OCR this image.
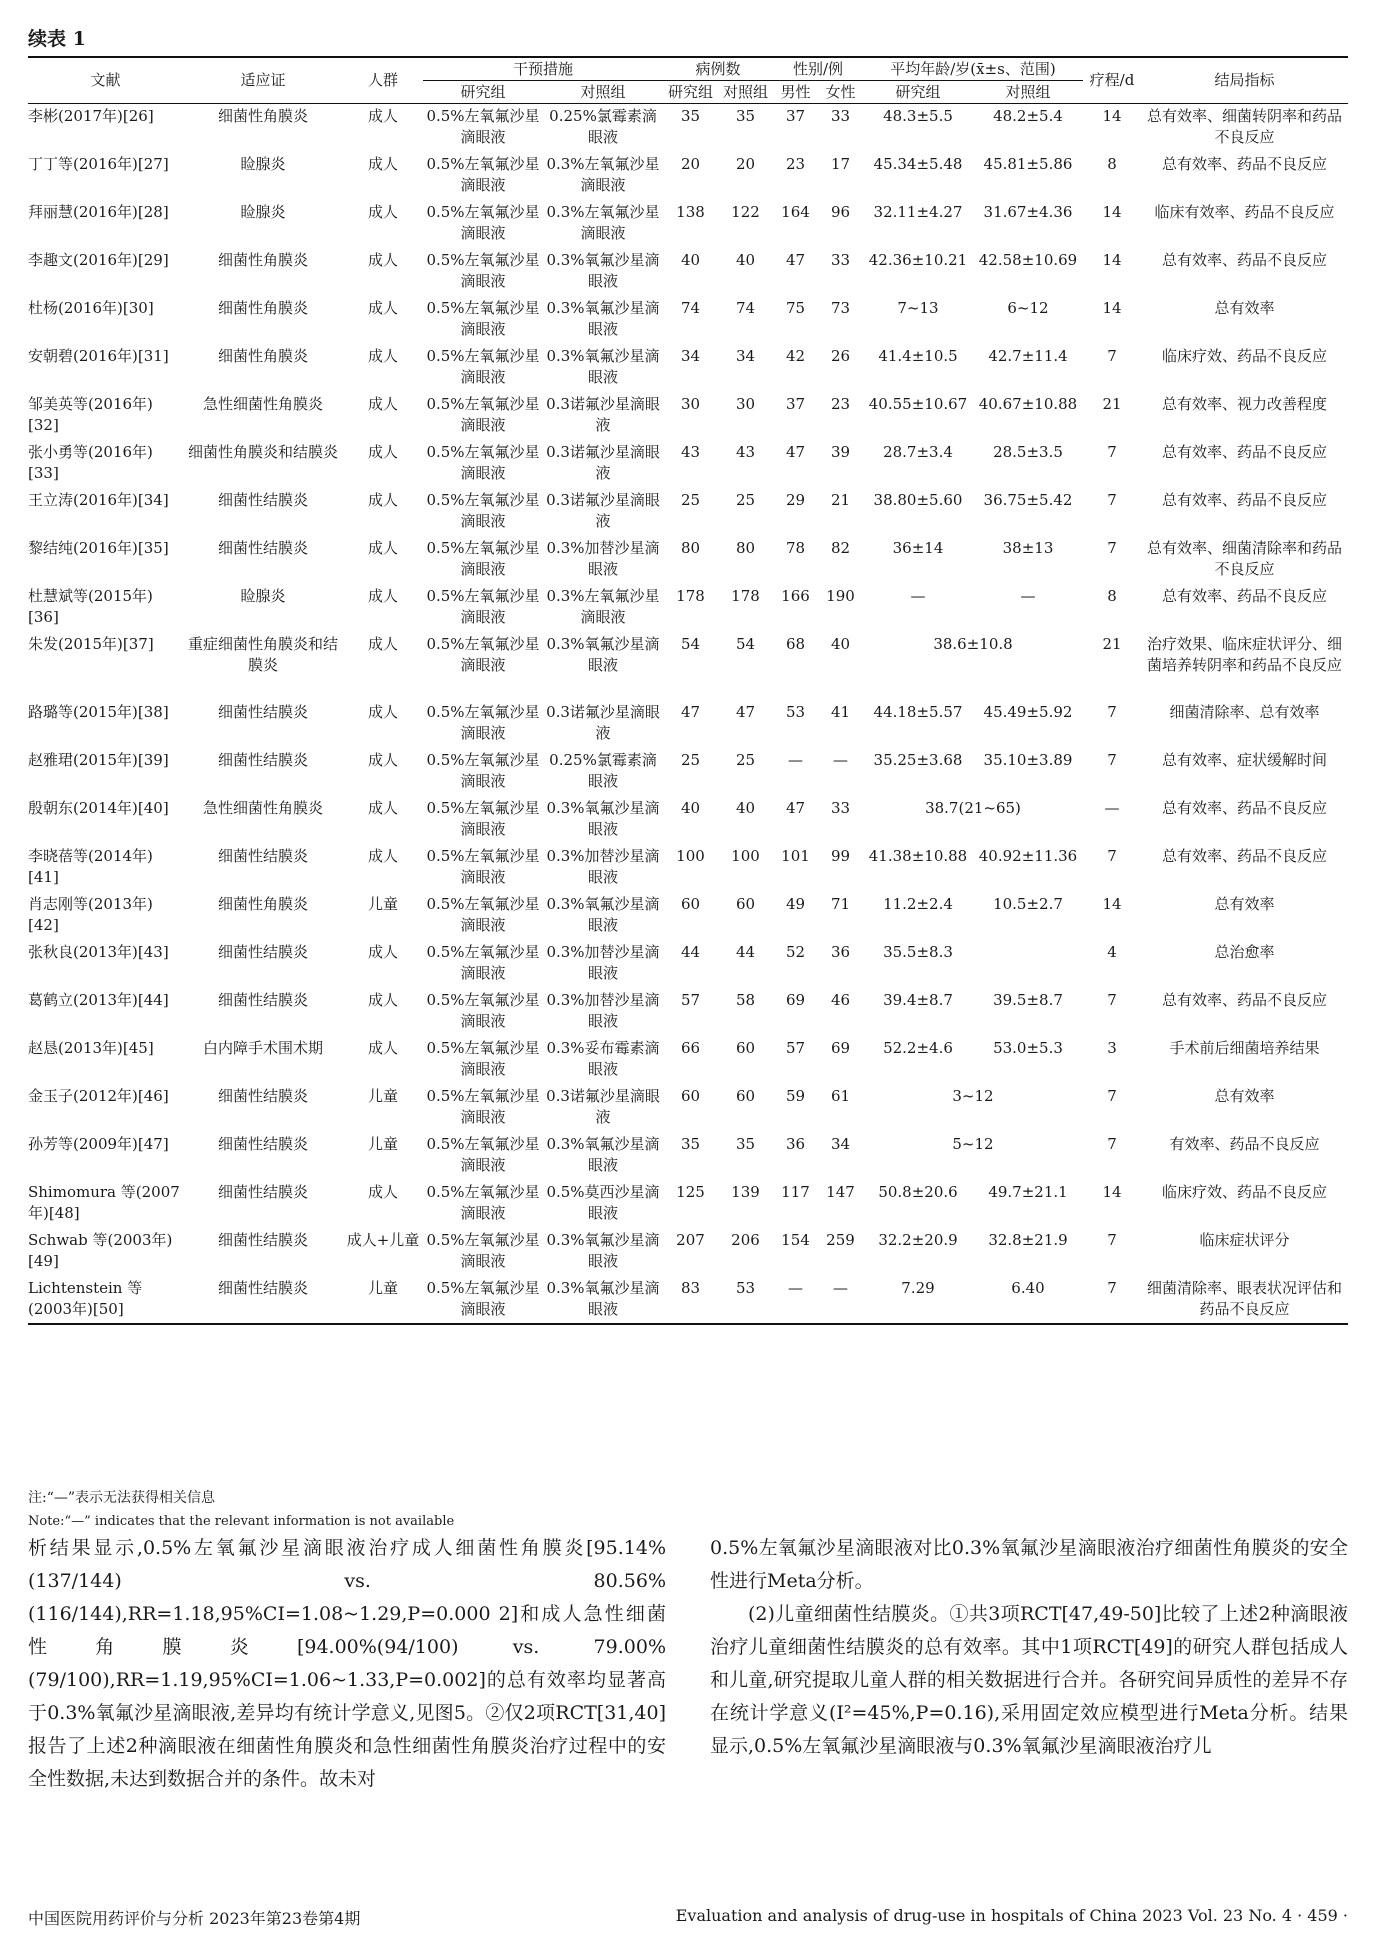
续表 1
文献	适应证	人群	干预措施		病例数		性别/例		平均年龄/岁(x̄±s、范围)		疗程/d	结局指标
			研究组	对照组	研究组	对照组	男性	女性	研究组	对照组		
李彬(2017年)[26]	细菌性角膜炎	成人	0.5%左氧氟沙星滴眼液	0.25%氯霉素滴眼液	35	35	37	33	48.3±5.5	48.2±5.4	14	总有效率、细菌转阴率和药品不良反应
丁丁等(2016年)[27]	睑腺炎	成人	0.5%左氧氟沙星滴眼液	0.3%左氧氟沙星滴眼液	20	20	23	17	45.34±5.48	45.81±5.86	8	总有效率、药品不良反应
拜丽慧(2016年)[28]	睑腺炎	成人	0.5%左氧氟沙星滴眼液	0.3%左氧氟沙星滴眼液	138	122	164	96	32.11±4.27	31.67±4.36	14	临床有效率、药品不良反应
李趣文(2016年)[29]	细菌性角膜炎	成人	0.5%左氧氟沙星滴眼液	0.3%氧氟沙星滴眼液	40	40	47	33	42.36±10.21	42.58±10.69	14	总有效率、药品不良反应
杜杨(2016年)[30]	细菌性角膜炎	成人	0.5%左氧氟沙星滴眼液	0.3%氧氟沙星滴眼液	74	74	75	73	7~13	6~12	14	总有效率
安朝碧(2016年)[31]	细菌性角膜炎	成人	0.5%左氧氟沙星滴眼液	0.3%氧氟沙星滴眼液	34	34	42	26	41.4±10.5	42.7±11.4	7	临床疗效、药品不良反应
邹美英等(2016年)[32]	急性细菌性角膜炎	成人	0.5%左氧氟沙星滴眼液	0.3诺氟沙星滴眼液	30	30	37	23	40.55±10.67	40.67±10.88	21	总有效率、视力改善程度
张小勇等(2016年)[33]	细菌性角膜炎和结膜炎	成人	0.5%左氧氟沙星滴眼液	0.3诺氟沙星滴眼液	43	43	47	39	28.7±3.4	28.5±3.5	7	总有效率、药品不良反应
王立涛(2016年)[34]	细菌性结膜炎	成人	0.5%左氧氟沙星滴眼液	0.3诺氟沙星滴眼液	25	25	29	21	38.80±5.60	36.75±5.42	7	总有效率、药品不良反应
黎结纯(2016年)[35]	细菌性结膜炎	成人	0.5%左氧氟沙星滴眼液	0.3%加替沙星滴眼液	80	80	78	82	36±14	38±13	7	总有效率、细菌清除率和药品不良反应
杜慧斌等(2015年)[36]	睑腺炎	成人	0.5%左氧氟沙星滴眼液	0.3%左氧氟沙星滴眼液	178	178	166	190	—	—	8	总有效率、药品不良反应
朱发(2015年)[37]	重症细菌性角膜炎和结膜炎	成人	0.5%左氧氟沙星滴眼液	0.3%氧氟沙星滴眼液	54	54	68	40	38.6±10.8		21	治疗效果、临床症状评分、细菌培养转阴率和药品不良反应
路璐等(2015年)[38]	细菌性结膜炎	成人	0.5%左氧氟沙星滴眼液	0.3诺氟沙星滴眼液	47	47	53	41	44.18±5.57	45.49±5.92	7	细菌清除率、总有效率
赵雅珺(2015年)[39]	细菌性结膜炎	成人	0.5%左氧氟沙星滴眼液	0.25%氯霉素滴眼液	25	25	—	—	35.25±3.68	35.10±3.89	7	总有效率、症状缓解时间
殷朝东(2014年)[40]	急性细菌性角膜炎	成人	0.5%左氧氟沙星滴眼液	0.3%氧氟沙星滴眼液	40	40	47	33	38.7(21~65)		—	总有效率、药品不良反应
李晓蓓等(2014年)[41]	细菌性结膜炎	成人	0.5%左氧氟沙星滴眼液	0.3%加替沙星滴眼液	100	100	101	99	41.38±10.88	40.92±11.36	7	总有效率、药品不良反应
肖志刚等(2013年)[42]	细菌性角膜炎	儿童	0.5%左氧氟沙星滴眼液	0.3%氧氟沙星滴眼液	60	60	49	71	11.2±2.4	10.5±2.7	14	总有效率
张秋良(2013年)[43]	细菌性结膜炎	成人	0.5%左氧氟沙星滴眼液	0.3%加替沙星滴眼液	44	44	52	36	35.5±8.3		4	总治愈率
葛鹤立(2013年)[44]	细菌性结膜炎	成人	0.5%左氧氟沙星滴眼液	0.3%加替沙星滴眼液	57	58	69	46	39.4±8.7	39.5±8.7	7	总有效率、药品不良反应
赵恳(2013年)[45]	白内障手术围术期	成人	0.5%左氧氟沙星滴眼液	0.3%妥布霉素滴眼液	66	60	57	69	52.2±4.6	53.0±5.3	3	手术前后细菌培养结果
金玉子(2012年)[46]	细菌性结膜炎	儿童	0.5%左氧氟沙星滴眼液	0.3诺氟沙星滴眼液	60	60	59	61	3~12		7	总有效率
孙芳等(2009年)[47]	细菌性结膜炎	儿童	0.5%左氧氟沙星滴眼液	0.3%氧氟沙星滴眼液	35	35	36	34	5~12		7	有效率、药品不良反应
Shimomura 等(2007年)[48]	细菌性结膜炎	成人	0.5%左氧氟沙星滴眼液	0.5%莫西沙星滴眼液	125	139	117	147	50.8±20.6	49.7±21.1	14	临床疗效、药品不良反应
Schwab 等(2003年)[49]	细菌性结膜炎	成人+儿童	0.5%左氧氟沙星滴眼液	0.3%氧氟沙星滴眼液	207	206	154	259	32.2±20.9	32.8±21.9	7	临床症状评分
Lichtenstein 等(2003年)[50]	细菌性结膜炎	儿童	0.5%左氧氟沙星滴眼液	0.3%氧氟沙星滴眼液	83	53	—	—	7.29	6.40	7	细菌清除率、眼表状况评估和药品不良反应
注:“—”表示无法获得相关信息
Note:“—” indicates that the relevant information is not available

析结果显示,0.5%左氧氟沙星滴眼液治疗成人细菌性角膜炎[95.14%(137/144) vs. 80.56%(116/144),RR=1.18,95%CI=1.08~1.29,P=0.000 2]和成人急性细菌性角膜炎[94.00%(94/100) vs. 79.00%(79/100),RR=1.19,95%CI=1.06~1.33,P=0.002]的总有效率均显著高于0.3%氧氟沙星滴眼液,差异均有统计学意义,见图5。②仅2项RCT[31,40]报告了上述2种滴眼液在细菌性角膜炎和急性细菌性角膜炎治疗过程中的安全性数据,未达到数据合并的条件。故未对

0.5%左氧氟沙星滴眼液对比0.3%氧氟沙星滴眼液治疗细菌性角膜炎的安全性进行Meta分析。

(2)儿童细菌性结膜炎。①共3项RCT[47,49-50]比较了上述2种滴眼液治疗儿童细菌性结膜炎的总有效率。其中1项RCT[49]的研究人群包括成人和儿童,研究提取儿童人群的相关数据进行合并。各研究间异质性的差异不存在统计学意义(I²=45%,P=0.16),采用固定效应模型进行Meta分析。结果显示,0.5%左氧氟沙星滴眼液与0.3%氧氟沙星滴眼液治疗儿

中国医院用药评价与分析 2023年第23卷第4期	Evaluation and analysis of drug-use in hospitals of China 2023 Vol. 23 No. 4 · 459 ·
